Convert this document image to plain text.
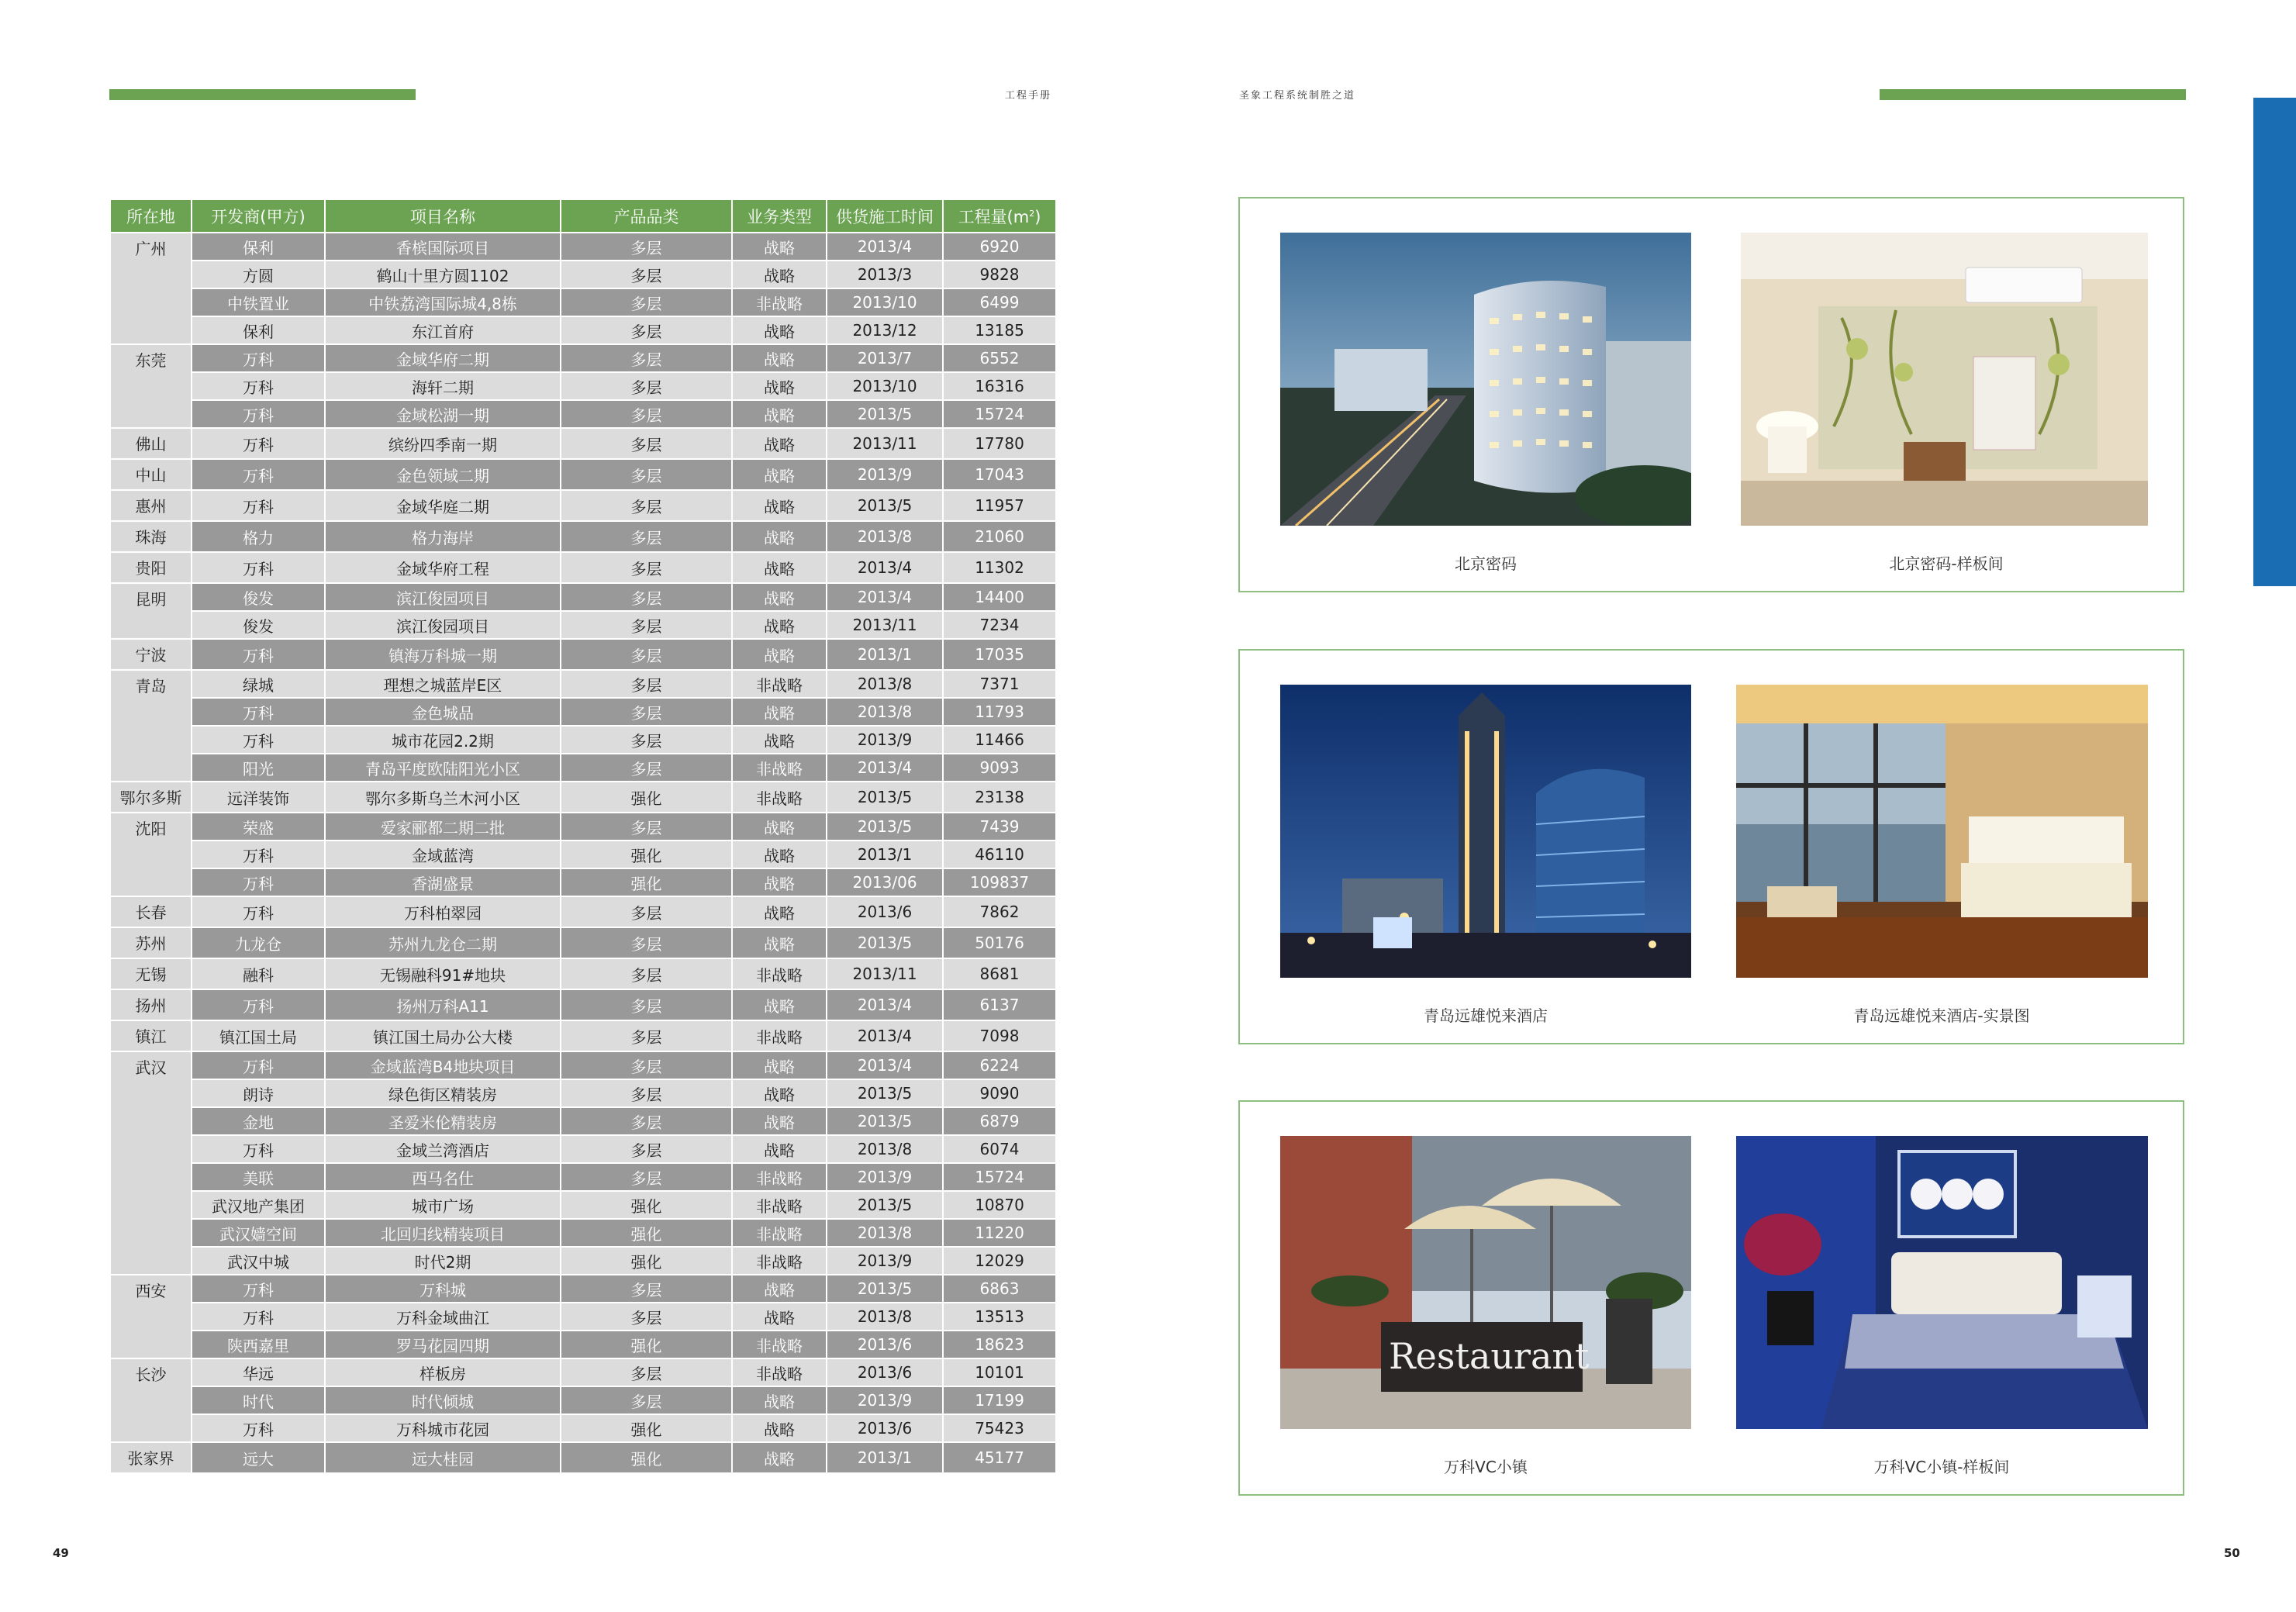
工程手册	圣象工程系统制胜之道
49	50
所在地	开发商(甲方)	项目名称	产品品类	业务类型	供货施工时间	工程量$(m^2)$
广州	保利	香槟国际项目	多层	战略	2013/4	6920
	方圆	鹤山十里方圆1102	多层	战略	2013/3	9828
	中铁置业	中铁荔湾国际城4,8栋	多层	非战略	2013/10	6499
	保利	东江首府	多层	战略	2013/12	13185
东莞	万科	金域华府二期	多层	战略	2013/7	6552
	万科	海轩二期	多层	战略	2013/10	16316
	万科	金域松湖一期	多层	战略	2013/5	15724
佛山	万科	缤纷四季南一期	多层	战略	2013/11	17780
中山	万科	金色领域二期	多层	战略	2013/9	17043
惠州	万科	金域华庭二期	多层	战略	2013/5	11957
珠海	格力	格力海岸	多层	战略	2013/8	21060
贵阳	万科	金域华府工程	多层	战略	2013/4	11302
昆明	俊发	滨江俊园项目	多层	战略	2013/4	14400
	俊发	滨江俊园项目	多层	战略	2013/11	7234
宁波	万科	镇海万科城一期	多层	战略	2013/1	17035
青岛	绿城	理想之城蓝岸E区	多层	非战略	2013/8	7371
	万科	金色城品	多层	战略	2013/8	11793
	万科	城市花园2.2期	多层	战略	2013/9	11466
	阳光	青岛平度欧陆阳光小区	多层	非战略	2013/4	9093
鄂尔多斯	远洋装饰	鄂尔多斯乌兰木河小区	强化	非战略	2013/5	23138
沈阳	荣盛	爱家郦都二期二批	多层	战略	2013/5	7439
	万科	金域蓝湾	强化	战略	2013/1	46110
	万科	香湖盛景	强化	战略	2013/06	109837
长春	万科	万科柏翠园	多层	战略	2013/6	7862
苏州	九龙仓	苏州九龙仓二期	多层	战略	2013/5	50176
无锡	融科	无锡融科91#地块	多层	非战略	2013/11	8681
扬州	万科	扬州万科A11	多层	战略	2013/4	6137
镇江	镇江国土局	镇江国土局办公大楼	多层	非战略	2013/4	7098
武汉	万科	金域蓝湾B4地块项目	多层	战略	2013/4	6224
	朗诗	绿色街区精装房	多层	战略	2013/5	9090
	金地	圣爱米伦精装房	多层	战略	2013/5	6879
	万科	金域兰湾酒店	多层	战略	2013/8	6074
	美联	西马名仕	多层	非战略	2013/9	15724
	武汉地产集团	城市广场	强化	非战略	2013/5	10870
	武汉嫱空间	北回归线精装项目	强化	非战略	2013/8	11220
	武汉中城	时代2期	强化	非战略	2013/9	12029
西安	万科	万科城	多层	战略	2013/5	6863
	万科	万科金域曲江	多层	战略	2013/8	13513
	陕西嘉里	罗马花园四期	强化	非战略	2013/6	18623
长沙	华远	样板房	多层	非战略	2013/6	10101
	时代	时代倾城	多层	战略	2013/9	17199
	万科	万科城市花园	强化	战略	2013/6	75423
张家界	远大	远大桂园	强化	战略	2013/1	45177
北京密码	北京密码-样板间
青岛远雄悦来酒店	青岛远雄悦来酒店-实景图
Restaurant
万科VC小镇	万科VC小镇-样板间
